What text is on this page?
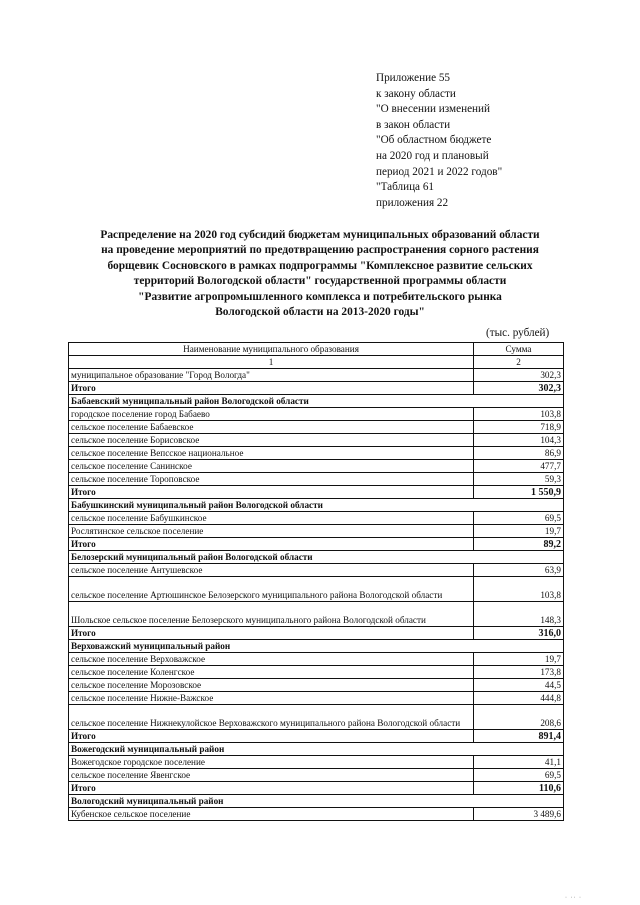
Приложение 55
к закону области
"О внесении изменений
в закон области
"Об областном бюджете
на 2020 год и плановый
период 2021 и 2022 годов"
"Таблица 61
приложения 22
Распределение на 2020 год субсидий бюджетам муниципальных образований области
на проведение мероприятий по предотвращению распространения сорного растения
борщевик Сосновского в рамках подпрограммы "Комплексное развитие сельских
территорий Вологодской области" государственной программы области
"Развитие агропромышленного комплекса и потребительского рынка
Вологодской области на 2013-2020 годы"
(тыс. рублей)
Наименование муниципального образования	Сумма
1	2
муниципальное образование "Город Вологда"	302,3
Итого	302,3
Бабаевский муниципальный район Вологодской области	
городское поселение город Бабаево	103,8
сельское поселение Бабаевское	718,9
сельское поселение Борисовское	104,3
сельское поселение Вепсское национальное	86,9
сельское поселение Санинское	477,7
сельское поселение Тороповское	59,3
Итого	1 550,9
Бабушкинский муниципальный район Вологодской области	
сельское поселение Бабушкинское	69,5
Рослятинское сельское поселение	19,7
Итого	89,2
Белозерский муниципальный район Вологодской области	
сельское поселение Антушевское	63,9
сельское поселение Артюшинское Белозерского муниципального района Вологодской области	103,8
Шольское сельское поселение Белозерского муниципального района Вологодской области	148,3
Итого	316,0
Верховажский муниципальный район	
сельское поселение Верховажское	19,7
сельское поселение Коленгское	173,8
сельское поселение Морозовское	44,5
сельское поселение Нижне-Важское	444,8
сельское поселение Нижнекулойское Верховажского муниципального района Вологодской области	208,6
Итого	891,4
Вожегодский муниципальный район	
Вожегодское городское поселение	41,1
сельское поселение Явенгское	69,5
Итого	110,6
Вологодский муниципальный район	
Кубенское сельское поселение	3 489,6
· ·· ·
